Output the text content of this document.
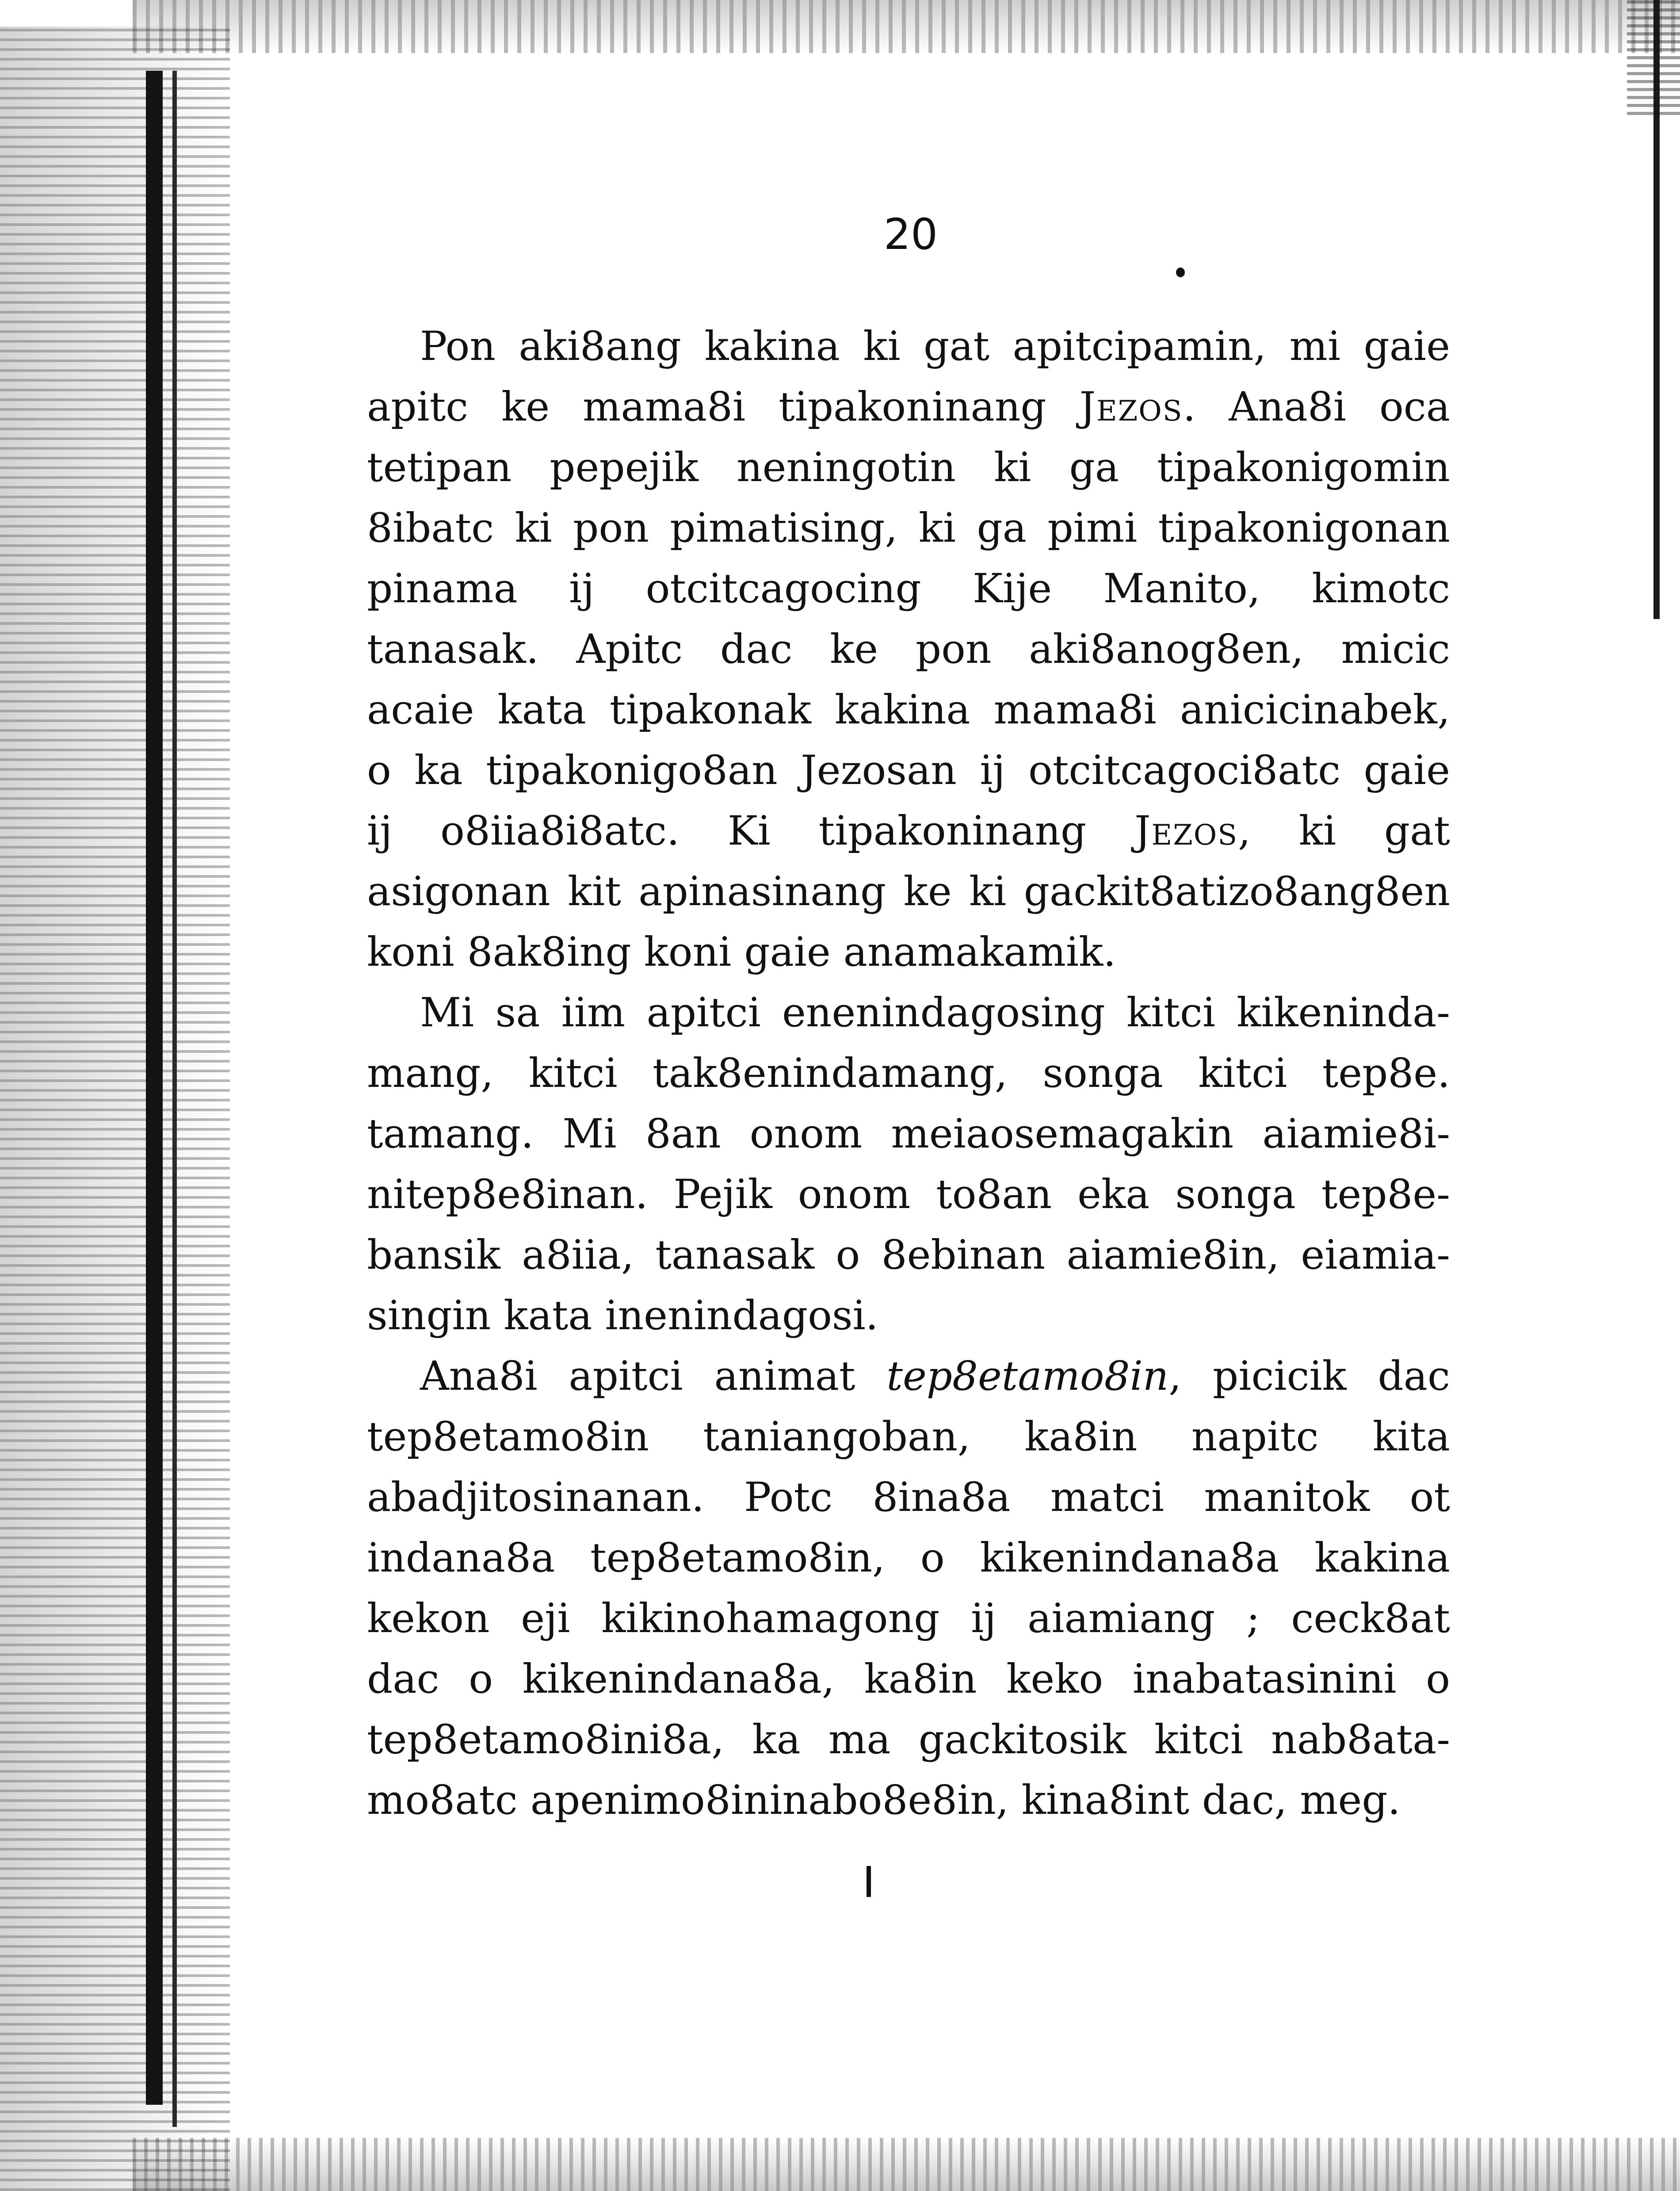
20
Pon aki8ang kakina ki gat apitcipamin, mi gaie
apitc ke mama8i tipakoninang Jezos. Ana8i oca
tetipan pepejik neningotin ki ga tipakonigomin
8ibatc ki pon pimatising, ki ga pimi tipakonigonan
pinama ij otcitcagocing Kije Manito, kimotc
tanasak. Apitc dac ke pon aki8anog8en, micic
acaie kata tipakonak kakina mama8i anicicinabek,
o ka tipakonigo8an Jezosan ij otcitcagoci8atc gaie
ij o8iia8i8atc. Ki tipakoninang Jezos, ki gat
asigonan kit apinasinang ke ki gackit8atizo8ang8en
koni 8ak8ing koni gaie anamakamik.
Mi sa iim apitci enenindagosing kitci kikeninda-
mang, kitci tak8enindamang, songa kitci tep8e.
tamang. Mi 8an onom meiaosemagakin aiamie8i-
nitep8e8inan. Pejik onom to8an eka songa tep8e-
bansik a8iia, tanasak o 8ebinan aiamie8in, eiamia-
singin kata inenindagosi.
Ana8i apitci animat tep8etamo8in, picicik dac
tep8etamo8in taniangoban, ka8in napitc kita
abadjitosinanan. Potc 8ina8a matci manitok ot
indana8a tep8etamo8in, o kikenindana8a kakina
kekon eji kikinohamagong ij aiamiang ; ceck8at
dac o kikenindana8a, ka8in keko inabatasinini o
tep8etamo8ini8a, ka ma gackitosik kitci nab8ata-
mo8atc apenimo8ininabo8e8in, kina8int dac, meg.
